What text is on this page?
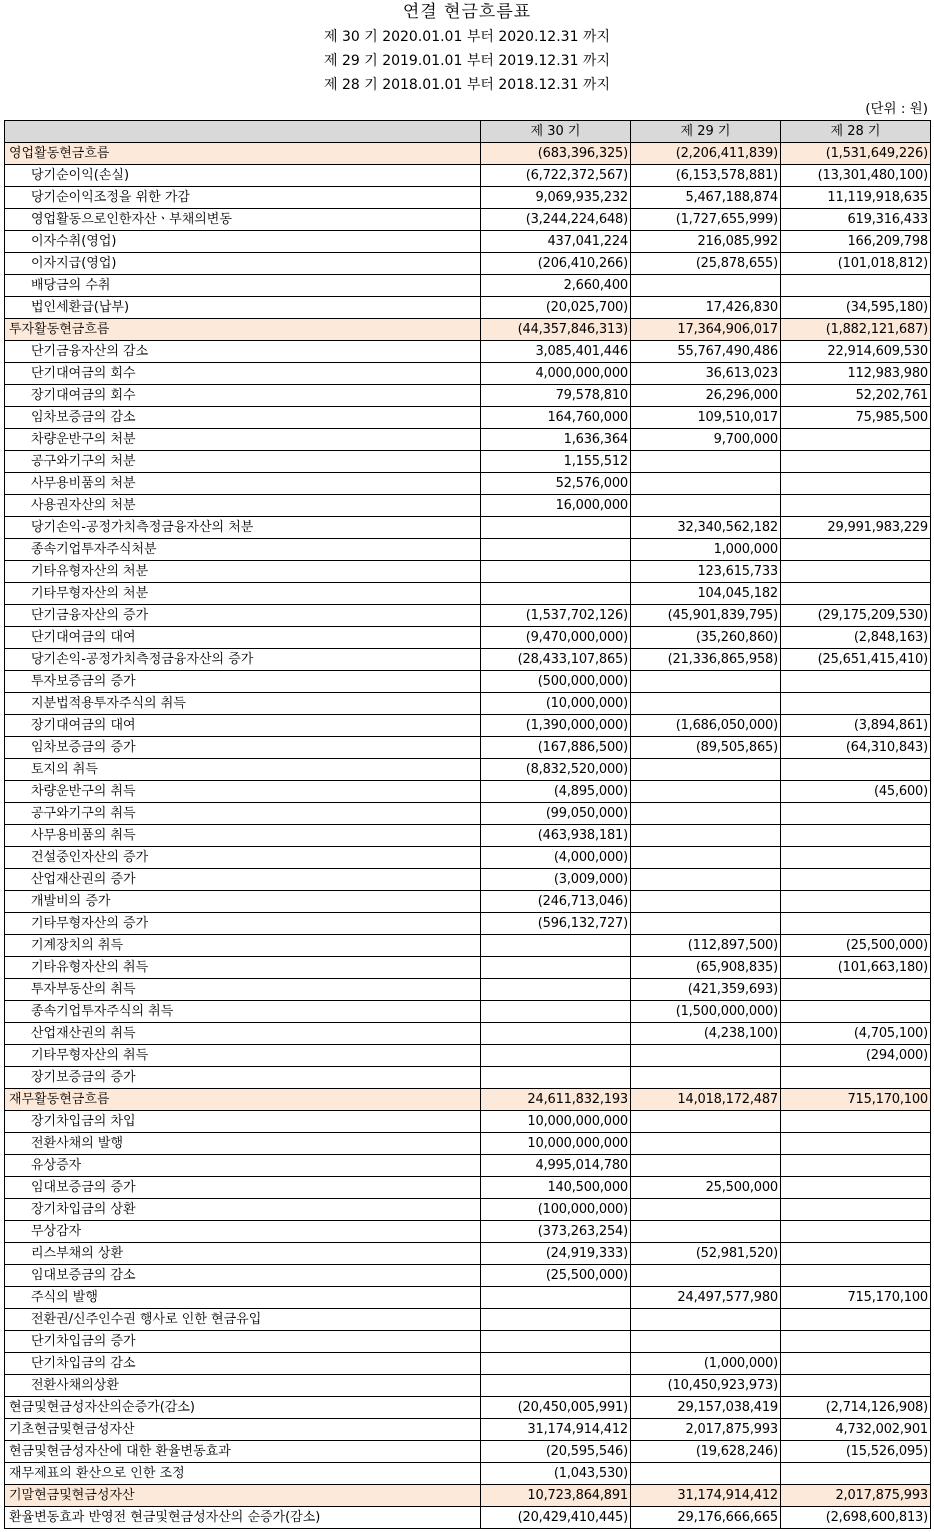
연결 현금흐름표
제 30 기 2020.01.01 부터 2020.12.31 까지
제 29 기 2019.01.01 부터 2019.12.31 까지
제 28 기 2018.01.01 부터 2018.12.31 까지
(단위 : 원)
	제 30 기	제 29 기	제 28 기
영업활동현금흐름	(683,396,325)	(2,206,411,839)	(1,531,649,226)
당기순이익(손실)	(6,722,372,567)	(6,153,578,881)	(13,301,480,100)
당기순이익조정을 위한 가감	9,069,935,232	5,467,188,874	11,119,918,635
영업활동으로인한자산ㆍ부채의변동	(3,244,224,648)	(1,727,655,999)	619,316,433
이자수취(영업)	437,041,224	216,085,992	166,209,798
이자지급(영업)	(206,410,266)	(25,878,655)	(101,018,812)
배당금의 수취	2,660,400		
법인세환급(납부)	(20,025,700)	17,426,830	(34,595,180)
투자활동현금흐름	(44,357,846,313)	17,364,906,017	(1,882,121,687)
단기금융자산의 감소	3,085,401,446	55,767,490,486	22,914,609,530
단기대여금의 회수	4,000,000,000	36,613,023	112,983,980
장기대여금의 회수	79,578,810	26,296,000	52,202,761
임차보증금의 감소	164,760,000	109,510,017	75,985,500
차량운반구의 처분	1,636,364	9,700,000	
공구와기구의 처분	1,155,512		
사무용비품의 처분	52,576,000		
사용권자산의 처분	16,000,000		
당기손익-공정가치측정금융자산의 처분		32,340,562,182	29,991,983,229
종속기업투자주식처분		1,000,000	
기타유형자산의 처분		123,615,733	
기타무형자산의 처분		104,045,182	
단기금융자산의 증가	(1,537,702,126)	(45,901,839,795)	(29,175,209,530)
단기대여금의 대여	(9,470,000,000)	(35,260,860)	(2,848,163)
당기손익-공정가치측정금융자산의 증가	(28,433,107,865)	(21,336,865,958)	(25,651,415,410)
투자보증금의 증가	(500,000,000)		
지분법적용투자주식의 취득	(10,000,000)		
장기대여금의 대여	(1,390,000,000)	(1,686,050,000)	(3,894,861)
임차보증금의 증가	(167,886,500)	(89,505,865)	(64,310,843)
토지의 취득	(8,832,520,000)		
차량운반구의 취득	(4,895,000)		(45,600)
공구와기구의 취득	(99,050,000)		
사무용비품의 취득	(463,938,181)		
건설중인자산의 증가	(4,000,000)		
산업재산권의 증가	(3,009,000)		
개발비의 증가	(246,713,046)		
기타무형자산의 증가	(596,132,727)		
기계장치의 취득		(112,897,500)	(25,500,000)
기타유형자산의 취득		(65,908,835)	(101,663,180)
투자부동산의 취득		(421,359,693)	
종속기업투자주식의 취득		(1,500,000,000)	
산업재산권의 취득		(4,238,100)	(4,705,100)
기타무형자산의 취득			(294,000)
장기보증금의 증가			
재무활동현금흐름	24,611,832,193	14,018,172,487	715,170,100
장기차입금의 차입	10,000,000,000		
전환사채의 발행	10,000,000,000		
유상증자	4,995,014,780		
임대보증금의 증가	140,500,000	25,500,000	
장기차입금의 상환	(100,000,000)		
무상감자	(373,263,254)		
리스부채의 상환	(24,919,333)	(52,981,520)	
임대보증금의 감소	(25,500,000)		
주식의 발행		24,497,577,980	715,170,100
전환권/신주인수권 행사로 인한 현금유입			
단기차입금의 증가			
단기차입금의 감소		(1,000,000)	
전환사채의상환		(10,450,923,973)	
현금및현금성자산의순증가(감소)	(20,450,005,991)	29,157,038,419	(2,714,126,908)
기초현금및현금성자산	31,174,914,412	2,017,875,993	4,732,002,901
현금및현금성자산에 대한 환율변동효과	(20,595,546)	(19,628,246)	(15,526,095)
재무제표의 환산으로 인한 조정	(1,043,530)		
기말현금및현금성자산	10,723,864,891	31,174,914,412	2,017,875,993
환율변동효과 반영전 현금및현금성자산의 순증가(감소)	(20,429,410,445)	29,176,666,665	(2,698,600,813)
